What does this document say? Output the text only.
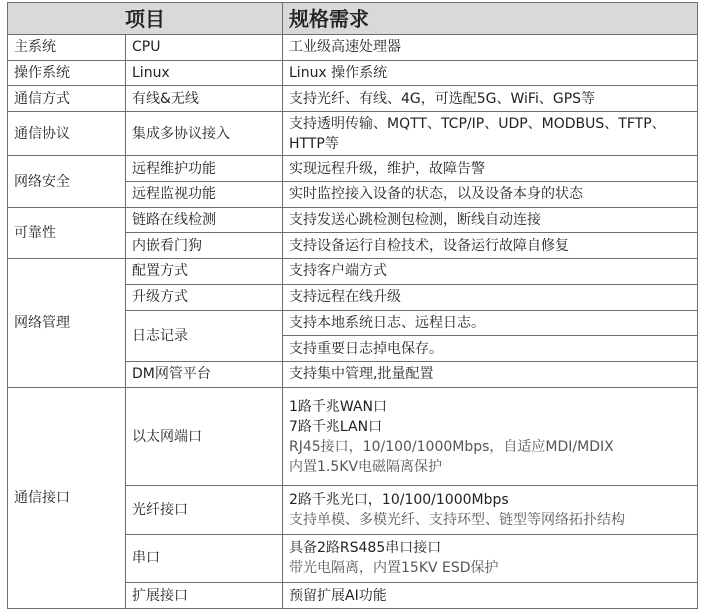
项目		规格需求

主系统	CPU	工业级高速处理器
操作系统	Linux	Linux 操作系统
通信方式	有线&无线	支持光纤、有线、4G，可选配5G、WiFi、GPS等
通信协议	集成多协议接入	支持透明传输、MQTT、TCP/IP、UDP、MODBUS、TFTP、
HTTP等

网络安全	远程维护功能	实现远程升级，维护，故障告警
	远程监视功能	实时监控接入设备的状态，以及设备本身的状态
可靠性	链路在线检测	支持发送心跳检测包检测，断线自动连接
	内嵌看门狗	支持设备运行自检技术，设备运行故障自修复
网络管理	配置方式	支持客户端方式
	升级方式	支持远程在线升级
	日志记录	支持本地系统日志、远程日志。
		支持重要日志掉电保存。
	DM网管平台	支持集中管理,批量配置
通信接口	以太网端口	1路千兆WAN口
7路千兆LAN口
RJ45接口，10/100/1000Mbps，自适应MDI/MDIX
内置1.5KV电磁隔离保护

	光纤接口	2路千兆光口，10/100/1000Mbps
支持单模、多模光纤、支持环型、链型等网络拓扑结构

	串口	具备2路RS485串口接口
带光电隔离，内置15KV ESD保护

	扩展接口	预留扩展AI功能
